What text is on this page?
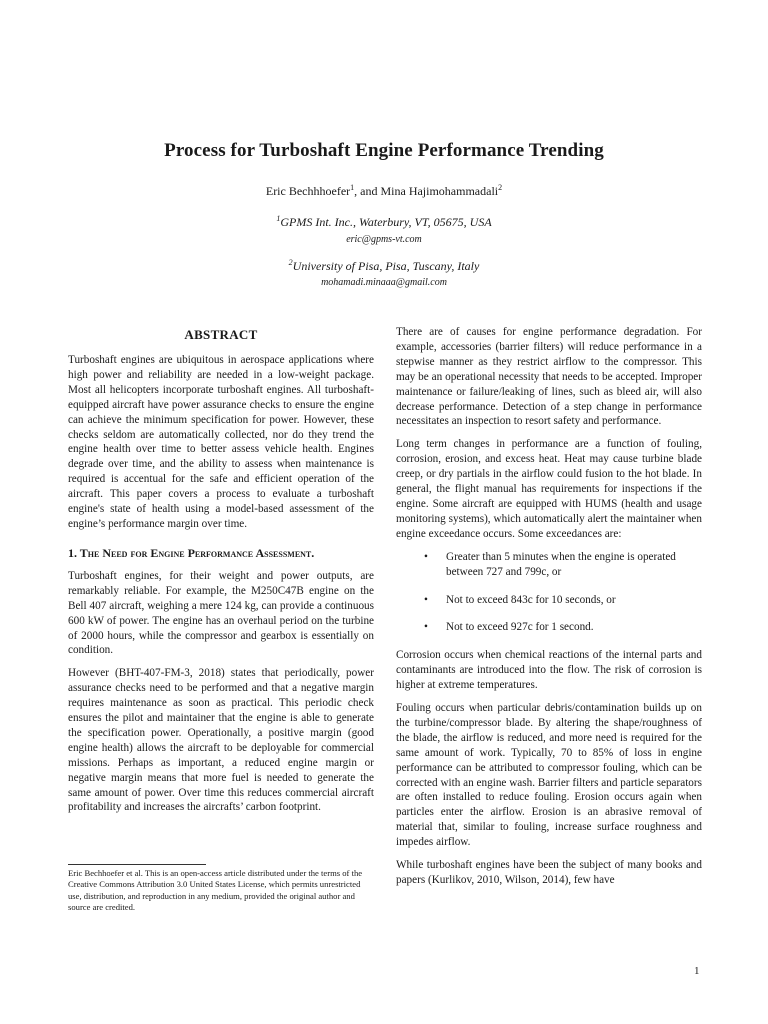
Process for Turboshaft Engine Performance Trending
Eric Bechhhoefer$^1$, and Mina Hajimohammadali$^2$
$^1$GPMS Int. Inc., Waterbury, VT, 05675, USA
eric@gpms-vt.com
$^2$University of Pisa, Pisa, Tuscany, Italy
mohamadi.minaaa@gmail.com
ABSTRACT

Turboshaft engines are ubiquitous in aerospace applications where high power and reliability are needed in a low-weight package. Most all helicopters incorporate turboshaft engines. All turboshaft-equipped aircraft have power assurance checks to ensure the engine can achieve the minimum specification for power. However, these checks seldom are automatically collected, nor do they trend the engine health over time to better assess vehicle health. Engines degrade over time, and the ability to assess when maintenance is required is accentual for the safe and efficient operation of the aircraft. This paper covers a process to evaluate a turboshaft engine's state of health using a model-based assessment of the engine’s performance margin over time.

1. The Need for Engine Performance Assessment.

Turboshaft engines, for their weight and power outputs, are remarkably reliable. For example, the M250C47B engine on the Bell 407 aircraft, weighing a mere 124 kg, can provide a continuous 600 kW of power. The engine has an overhaul period on the turbine of 2000 hours, while the compressor and gearbox is essentially on condition.

However (BHT-407-FM-3, 2018) states that periodically, power assurance checks need to be performed and that a negative margin requires maintenance as soon as practical. This periodic check ensures the pilot and maintainer that the engine is able to generate the specification power. Operationally, a positive margin (good engine health) allows the aircraft to be deployable for commercial missions. Perhaps as important, a reduced engine margin or negative margin means that more fuel is needed to generate the same amount of power. Over time this reduces commercial aircraft profitability and increases the aircrafts’ carbon footprint.

Eric Bechhoefer et al. This is an open-access article distributed under the terms of the Creative Commons Attribution 3.0 United States License, which permits unrestricted use, distribution, and reproduction in any medium, provided the original author and source are credited.

There are of causes for engine performance degradation. For example, accessories (barrier filters) will reduce performance in a stepwise manner as they restrict airflow to the compressor. This may be an operational necessity that needs to be accepted. Improper maintenance or failure/leaking of lines, such as bleed air, will also decrease performance. Detection of a step change in performance necessitates an inspection to resort safety and performance.

Long term changes in performance are a function of fouling, corrosion, erosion, and excess heat. Heat may cause turbine blade creep, or dry partials in the airflow could fusion to the hot blade. In general, the flight manual has requirements for inspections if the engine. Some aircraft are equipped with HUMS (health and usage monitoring systems), which automatically alert the maintainer when engine exceedance occurs. Some exceedances are:

• Greater than 5 minutes when the engine is operated between 727 and 799c, or
• Not to exceed 843c for 10 seconds, or
• Not to exceed 927c for 1 second.

Corrosion occurs when chemical reactions of the internal parts and contaminants are introduced into the flow. The risk of corrosion is higher at extreme temperatures.

Fouling occurs when particular debris/contamination builds up on the turbine/compressor blade. By altering the shape/roughness of the blade, the airflow is reduced, and more need is required for the same amount of work. Typically, 70 to 85% of loss in engine performance can be attributed to compressor fouling, which can be corrected with an engine wash. Barrier filters and particle separators are often installed to reduce fouling. Erosion occurs again when particles enter the airflow. Erosion is an abrasive removal of material that, similar to fouling, increase surface roughness and impedes airflow.

While turboshaft engines have been the subject of many books and papers (Kurlikov, 2010, Wilson, 2014), few have

1
